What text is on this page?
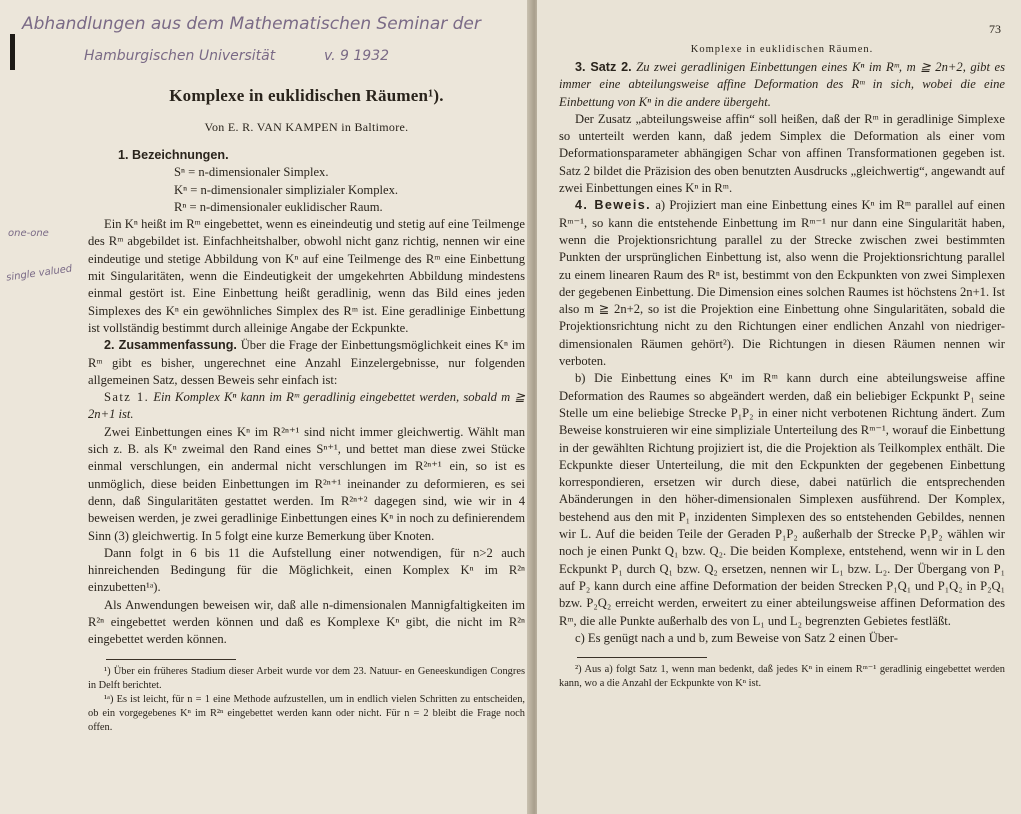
Komplexe in euklidischen Räumen¹).
Von E. R. VAN KAMPEN in Baltimore.
1. Bezeichnungen.
Sⁿ = n-dimensionaler Simplex.
Kⁿ = n-dimensionaler simplizialer Komplex.
Rⁿ = n-dimensionaler euklidischer Raum.

Ein Kⁿ heißt im Rᵐ eingebettet, wenn es eineindeutig und stetig auf eine Teilmenge des Rᵐ abgebildet ist. Einfachheitshalber, obwohl nicht ganz richtig, nennen wir eine eindeutige und stetige Abbildung von Kⁿ auf eine Teilmenge des Rᵐ eine Einbettung mit Singularitäten, wenn die Eindeutigkeit der umgekehrten Abbildung mindestens einmal gestört ist. Eine Einbettung heißt geradlinig, wenn das Bild eines jeden Simplexes des Kⁿ ein gewöhnliches Simplex des Rᵐ ist. Eine geradlinige Einbettung ist vollständig bestimmt durch alleinige Angabe der Eckpunkte.

2. Zusammenfassung. Über die Frage der Einbettungsmöglichkeit eines Kⁿ im Rᵐ gibt es bisher, ungerechnet eine Anzahl Einzelergebnisse, nur folgenden allgemeinen Satz, dessen Beweis sehr einfach ist:

Satz 1. Ein Komplex Kⁿ kann im Rᵐ geradlinig eingebettet werden, sobald m ≧ 2n+1 ist.

Zwei Einbettungen eines Kⁿ im R²ⁿ⁺¹ sind nicht immer gleichwertig. Wählt man sich z. B. als Kⁿ zweimal den Rand eines Sⁿ⁺¹, und bettet man diese zwei Stücke einmal verschlungen, ein andermal nicht verschlungen im R²ⁿ⁺¹ ein, so ist es unmöglich, diese beiden Einbettungen im R²ⁿ⁺¹ ineinander zu deformieren, es sei denn, daß Singularitäten gestattet werden. Im R²ⁿ⁺² dagegen sind, wie wir in 4 beweisen werden, je zwei geradlinige Einbettungen eines Kⁿ in noch zu definierendem Sinn (3) gleichwertig. In 5 folgt eine kurze Bemerkung über Knoten.

Dann folgt in 6 bis 11 die Aufstellung einer notwendigen, für n>2 auch hinreichenden Bedingung für die Möglichkeit, einen Komplex Kⁿ im R²ⁿ einzubetten¹ᵃ).

Als Anwendungen beweisen wir, daß alle n-dimensionalen Mannigfaltigkeiten im R²ⁿ eingebettet werden können und daß es Komplexe Kⁿ gibt, die nicht im R²ⁿ eingebettet werden können.

¹) Über ein früheres Stadium dieser Arbeit wurde vor dem 23. Natuur- en Geneeskundigen Congres in Delft berichtet.

¹ᵃ) Es ist leicht, für n = 1 eine Methode aufzustellen, um in endlich vielen Schritten zu entscheiden, ob ein vorgegebenes Kⁿ im R²ⁿ eingebettet werden kann oder nicht. Für n = 2 bleibt die Frage noch offen.

Komplexe in euklidischen Räumen.
73

3. Satz 2. Zu zwei geradlinigen Einbettungen eines Kⁿ im Rᵐ, m ≧ 2n+2, gibt es immer eine abteilungsweise affine Deformation des Rᵐ in sich, wobei die eine Einbettung von Kⁿ in die andere übergeht.

Der Zusatz „abteilungsweise affin“ soll heißen, daß der Rᵐ in geradlinige Simplexe so unterteilt werden kann, daß jedem Simplex die Deformation als einer vom Deformationsparameter abhängigen Schar von affinen Transformationen gegeben ist. Satz 2 bildet die Präzision des oben benutzten Ausdrucks „gleichwertig“, angewandt auf zwei Einbettungen eines Kⁿ in Rᵐ.

4. Beweis. a) Projiziert man eine Einbettung eines Kⁿ im Rᵐ parallel auf einen Rᵐ⁻¹, so kann die entstehende Einbettung im Rᵐ⁻¹ nur dann eine Singularität haben, wenn die Projektionsrichtung parallel zu der Strecke zwischen zwei bestimmten Punkten der ursprünglichen Einbettung ist, also wenn die Projektionsrichtung parallel zu einem linearen Raum des Rⁿ ist, bestimmt von den Eckpunkten von zwei Simplexen der gegebenen Einbettung. Die Dimension eines solchen Raumes ist höchstens 2n+1. Ist also m ≧ 2n+2, so ist die Projektion eine Einbettung ohne Singularitäten, sobald die Projektionsrichtung nicht zu den Richtungen einer endlichen Anzahl von niedriger-dimensionalen Räumen gehört²). Die Richtungen in diesen Räumen nennen wir verboten.

b) Die Einbettung eines Kⁿ im Rᵐ kann durch eine abteilungsweise affine Deformation des Raumes so abgeändert werden, daß ein beliebiger Eckpunkt P₁ seine Stelle um eine beliebige Strecke P₁P₂ in einer nicht verbotenen Richtung ändert. Zum Beweise konstruieren wir eine simpliziale Unterteilung des Rᵐ⁻¹, worauf die Einbettung in der gewählten Richtung projiziert ist, die die Projektion als Teilkomplex enthält. Die Eckpunkte dieser Unterteilung, die mit den Eckpunkten der gegebenen Einbettung korrespondieren, ersetzen wir durch diese, dabei natürlich die entsprechenden Abänderungen in den höher-dimensionalen Simplexen ausführend. Der Komplex, bestehend aus den mit P₁ inzidenten Simplexen des so entstehenden Gebildes, nennen wir L. Auf die beiden Teile der Geraden P₁P₂ außerhalb der Strecke P₁P₂ wählen wir noch je einen Punkt Q₁ bzw. Q₂. Die beiden Komplexe, entstehend, wenn wir in L den Eckpunkt P₁ durch Q₁ bzw. Q₂ ersetzen, nennen wir L₁ bzw. L₂. Der Übergang von P₁ auf P₂ kann durch eine affine Deformation der beiden Strecken P₁Q₁ und P₁Q₂ in P₂Q₁ bzw. P₂Q₂ erreicht werden, erweitert zu einer abteilungsweise affinen Deformation des Rᵐ, die alle Punkte außerhalb des von L₁ und L₂ begrenzten Gebietes festläßt.

c) Es genügt nach a und b, zum Beweise von Satz 2 einen Über-

²) Aus a) folgt Satz 1, wenn man bedenkt, daß jedes Kⁿ in einem Rᵐ⁻¹ geradlinig eingebettet werden kann, wo a die Anzahl der Eckpunkte von Kⁿ ist.

Abhandlungen aus dem Mathematischen Seminar der
Hamburgischen Universität	v. 9 1932
one-one
single valued
